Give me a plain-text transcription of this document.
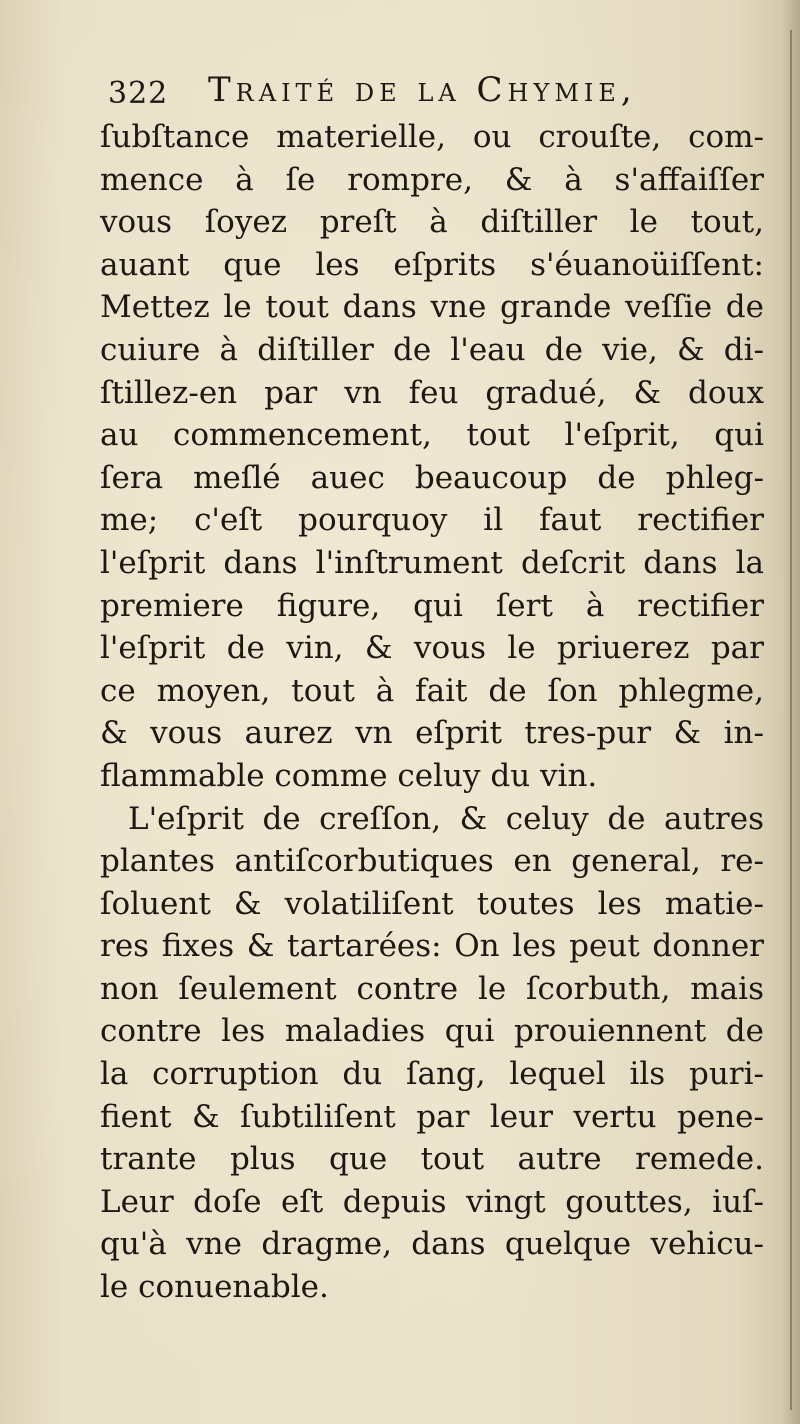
322 Traité de la Chymie,
ſubſtance materielle, ou crouſte, com-
mence à ſe rompre, & à s'affaiſſer
vous ſoyez preſt à diſtiller le tout,
auant que les eſprits s'éuanoüiſſent:
Mettez le tout dans vne grande veſſie de
cuiure à diſtiller de l'eau de vie, & di-
ſtillez-en par vn feu gradué, & doux
au commencement, tout l'eſprit, qui
ſera meſlé auec beaucoup de phleg-
me; c'eſt pourquoy il faut rectifier
l'eſprit dans l'inſtrument deſcrit dans la
premiere figure, qui ſert à rectifier
l'eſprit de vin, & vous le priuerez par
ce moyen, tout à fait de ſon phlegme,
& vous aurez vn eſprit tres-pur & in-
flammable comme celuy du vin.
L'eſprit de creſſon, & celuy de autres
plantes antiſcorbutiques en general, re-
ſoluent & volatiliſent toutes les matie-
res fixes & tartarées: On les peut donner
non ſeulement contre le ſcorbuth, mais
contre les maladies qui prouiennent de
la corruption du ſang, lequel ils puri-
fient & ſubtiliſent par leur vertu pene-
trante plus que tout autre remede.
Leur doſe eſt depuis vingt gouttes, iuſ-
qu'à vne dragme, dans quelque vehicu-
le conuenable.
